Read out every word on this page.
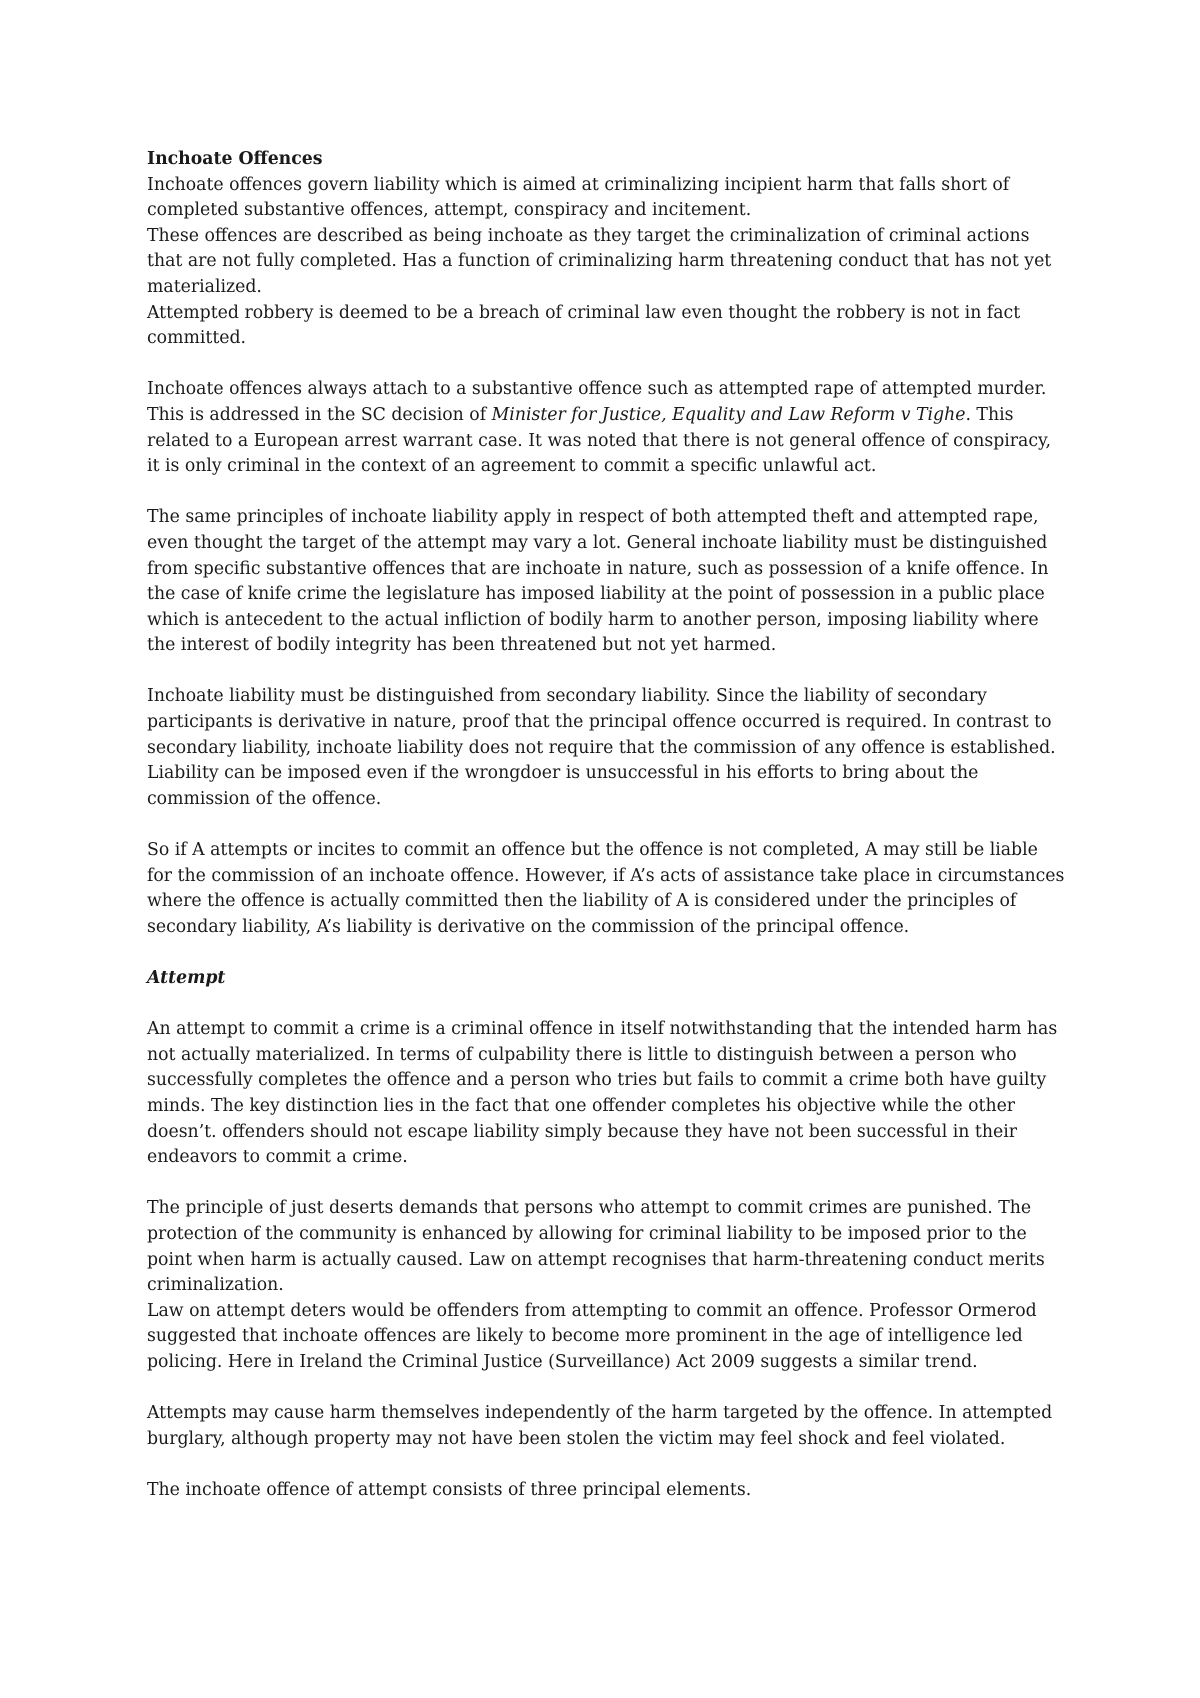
Inchoate Offences

Inchoate offences govern liability which is aimed at criminalizing incipient harm that falls short of completed substantive offences, attempt, conspiracy and incitement.

These offences are described as being inchoate as they target the criminalization of criminal actions that are not fully completed. Has a function of criminalizing harm threatening conduct that has not yet materialized.

Attempted robbery is deemed to be a breach of criminal law even thought the robbery is not in fact committed.

Inchoate offences always attach to a substantive offence such as attempted rape of attempted murder. This is addressed in the SC decision of Minister for Justice, Equality and Law Reform v Tighe. This related to a European arrest warrant case. It was noted that there is not general offence of conspiracy, it is only criminal in the context of an agreement to commit a specific unlawful act.

The same principles of inchoate liability apply in respect of both attempted theft and attempted rape, even thought the target of the attempt may vary a lot. General inchoate liability must be distinguished from specific substantive offences that are inchoate in nature, such as possession of a knife offence. In the case of knife crime the legislature has imposed liability at the point of possession in a public place which is antecedent to the actual infliction of bodily harm to another person, imposing liability where the interest of bodily integrity has been threatened but not yet harmed.

Inchoate liability must be distinguished from secondary liability. Since the liability of secondary participants is derivative in nature, proof that the principal offence occurred is required. In contrast to secondary liability, inchoate liability does not require that the commission of any offence is established. Liability can be imposed even if the wrongdoer is unsuccessful in his efforts to bring about the commission of the offence.

So if A attempts or incites to commit an offence but the offence is not completed, A may still be liable for the commission of an inchoate offence. However, if A’s acts of assistance take place in circumstances where the offence is actually committed then the liability of A is considered under the principles of secondary liability, A’s liability is derivative on the commission of the principal offence.

Attempt

An attempt to commit a crime is a criminal offence in itself notwithstanding that the intended harm has not actually materialized. In terms of culpability there is little to distinguish between a person who successfully completes the offence and a person who tries but fails to commit a crime both have guilty minds. The key distinction lies in the fact that one offender completes his objective while the other doesn’t. offenders should not escape liability simply because they have not been successful in their endeavors to commit a crime.

The principle of just deserts demands that persons who attempt to commit crimes are punished. The protection of the community is enhanced by allowing for criminal liability to be imposed prior to the point when harm is actually caused. Law on attempt recognises that harm-threatening conduct merits criminalization.

Law on attempt deters would be offenders from attempting to commit an offence. Professor Ormerod suggested that inchoate offences are likely to become more prominent in the age of intelligence led policing. Here in Ireland the Criminal Justice (Surveillance) Act 2009 suggests a similar trend.

Attempts may cause harm themselves independently of the harm targeted by the offence. In attempted burglary, although property may not have been stolen the victim may feel shock and feel violated.

The inchoate offence of attempt consists of three principal elements.
